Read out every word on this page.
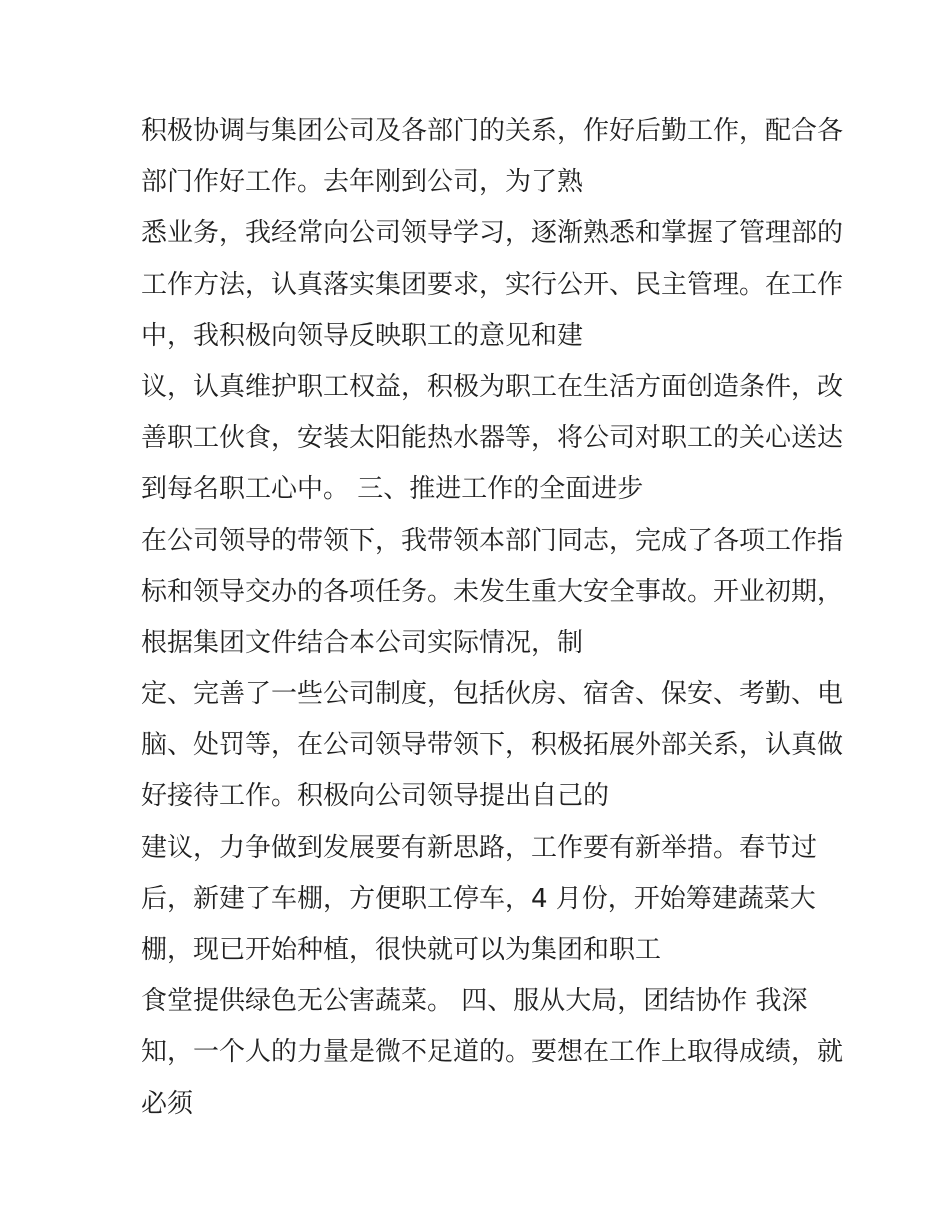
积极协调与集团公司及各部门的关系，作好后勤工作，配合各
部门作好工作。去年刚到公司，为了熟
悉业务，我经常向公司领导学习，逐渐熟悉和掌握了管理部的
工作方法，认真落实集团要求，实行公开、民主管理。在工作
中，我积极向领导反映职工的意见和建
议，认真维护职工权益，积极为职工在生活方面创造条件，改
善职工伙食，安装太阳能热水器等，将公司对职工的关心送达
到每名职工心中。 三、推进工作的全面进步
在公司领导的带领下，我带领本部门同志，完成了各项工作指
标和领导交办的各项任务。未发生重大安全事故。开业初期，
根据集团文件结合本公司实际情况，制
定、完善了一些公司制度，包括伙房、宿舍、保安、考勤、电
脑、处罚等，在公司领导带领下，积极拓展外部关系，认真做
好接待工作。积极向公司领导提出自己的
建议，力争做到发展要有新思路，工作要有新举措。春节过
后，新建了车棚，方便职工停车，4 月份，开始筹建蔬菜大
棚，现已开始种植，很快就可以为集团和职工
食堂提供绿色无公害蔬菜。 四、服从大局，团结协作 我深
知，一个人的力量是微不足道的。要想在工作上取得成绩，就
必须
